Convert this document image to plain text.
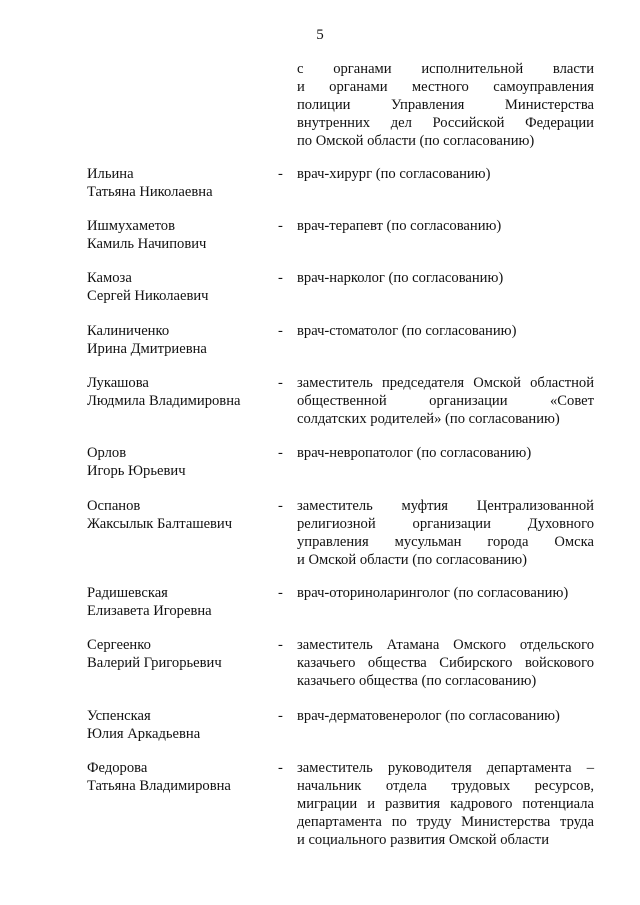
5
с органами исполнительной власти
и органами местного самоуправления
полиции Управления Министерства
внутренних дел Российской Федерации
по Омской области (по согласованию)
Ильина
Татьяна Николаевна
- врач-хирург (по согласованию)
Ишмухаметов
Камиль Начипович
- врач-терапевт (по согласованию)
Камоза
Сергей Николаевич
- врач-нарколог (по согласованию)
Калиниченко
Ирина Дмитриевна
- врач-стоматолог (по согласованию)
Лукашова
Людмила Владимировна
- заместитель председателя Омской областной
общественной организации «Совет
солдатских родителей» (по согласованию)
Орлов
Игорь Юрьевич
- врач-невропатолог (по согласованию)
Оспанов
Жаксылык Балташевич
- заместитель муфтия Централизованной
религиозной организации Духовного
управления мусульман города Омска
и Омской области (по согласованию)
Радишевская
Елизавета Игоревна
- врач-оториноларинголог (по согласованию)
Сергеенко
Валерий Григорьевич
- заместитель Атамана Омского отдельского
казачьего общества Сибирского войскового
казачьего общества (по согласованию)
Успенская
Юлия Аркадьевна
- врач-дерматовенеролог (по согласованию)
Федорова
Татьяна Владимировна
- заместитель руководителя департамента –
начальник отдела трудовых ресурсов,
миграции и развития кадрового потенциала
департамента по труду Министерства труда
и социального развития Омской области
